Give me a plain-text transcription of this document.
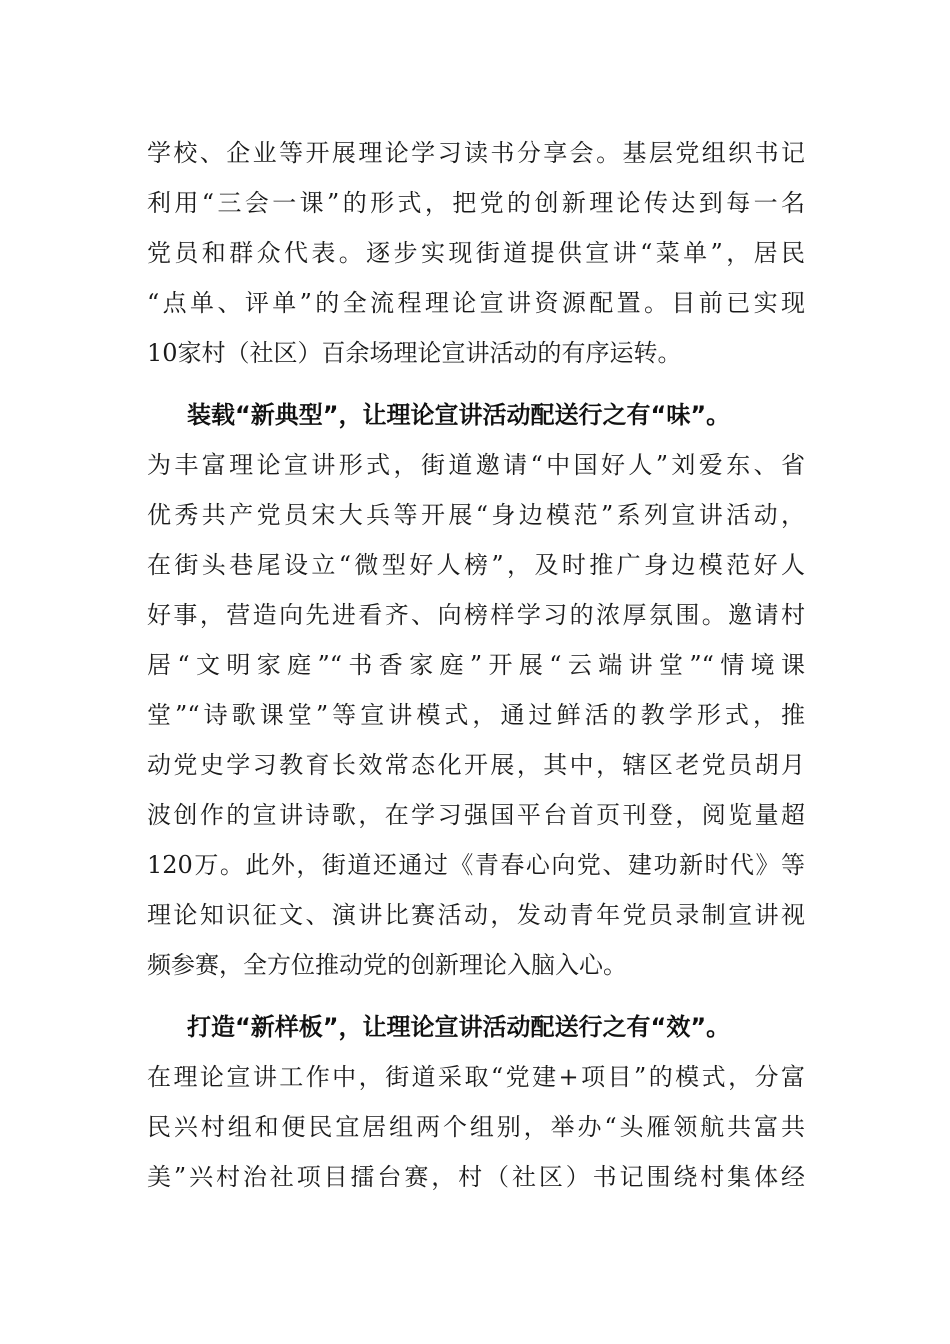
学校、企业等开展理论学习读书分享会。基层党组织书记
利用“三会一课”的形式，把党的创新理论传达到每一名
党员和群众代表。逐步实现街道提供宣讲“菜单”，居民
“点单、评单”的全流程理论宣讲资源配置。目前已实现
10家村（社区）百余场理论宣讲活动的有序运转。
装载“新典型”，让理论宣讲活动配送行之有“味”。
为丰富理论宣讲形式，街道邀请“中国好人”刘爱东、省
优秀共产党员宋大兵等开展“身边模范”系列宣讲活动，
在街头巷尾设立“微型好人榜”，及时推广身边模范好人
好事，营造向先进看齐、向榜样学习的浓厚氛围。邀请村
居“文明家庭”“书香家庭”开展“云端讲堂”“情境课
堂”“诗歌课堂”等宣讲模式，通过鲜活的教学形式，推
动党史学习教育长效常态化开展，其中，辖区老党员胡月
波创作的宣讲诗歌，在学习强国平台首页刊登，阅览量超
120万。此外，街道还通过《青春心向党、建功新时代》等
理论知识征文、演讲比赛活动，发动青年党员录制宣讲视
频参赛，全方位推动党的创新理论入脑入心。
打造“新样板”，让理论宣讲活动配送行之有“效”。
在理论宣讲工作中，街道采取“党建+项目”的模式，分富
民兴村组和便民宜居组两个组别，举办“头雁领航共富共
美”兴村治社项目擂台赛，村（社区）书记围绕村集体经
